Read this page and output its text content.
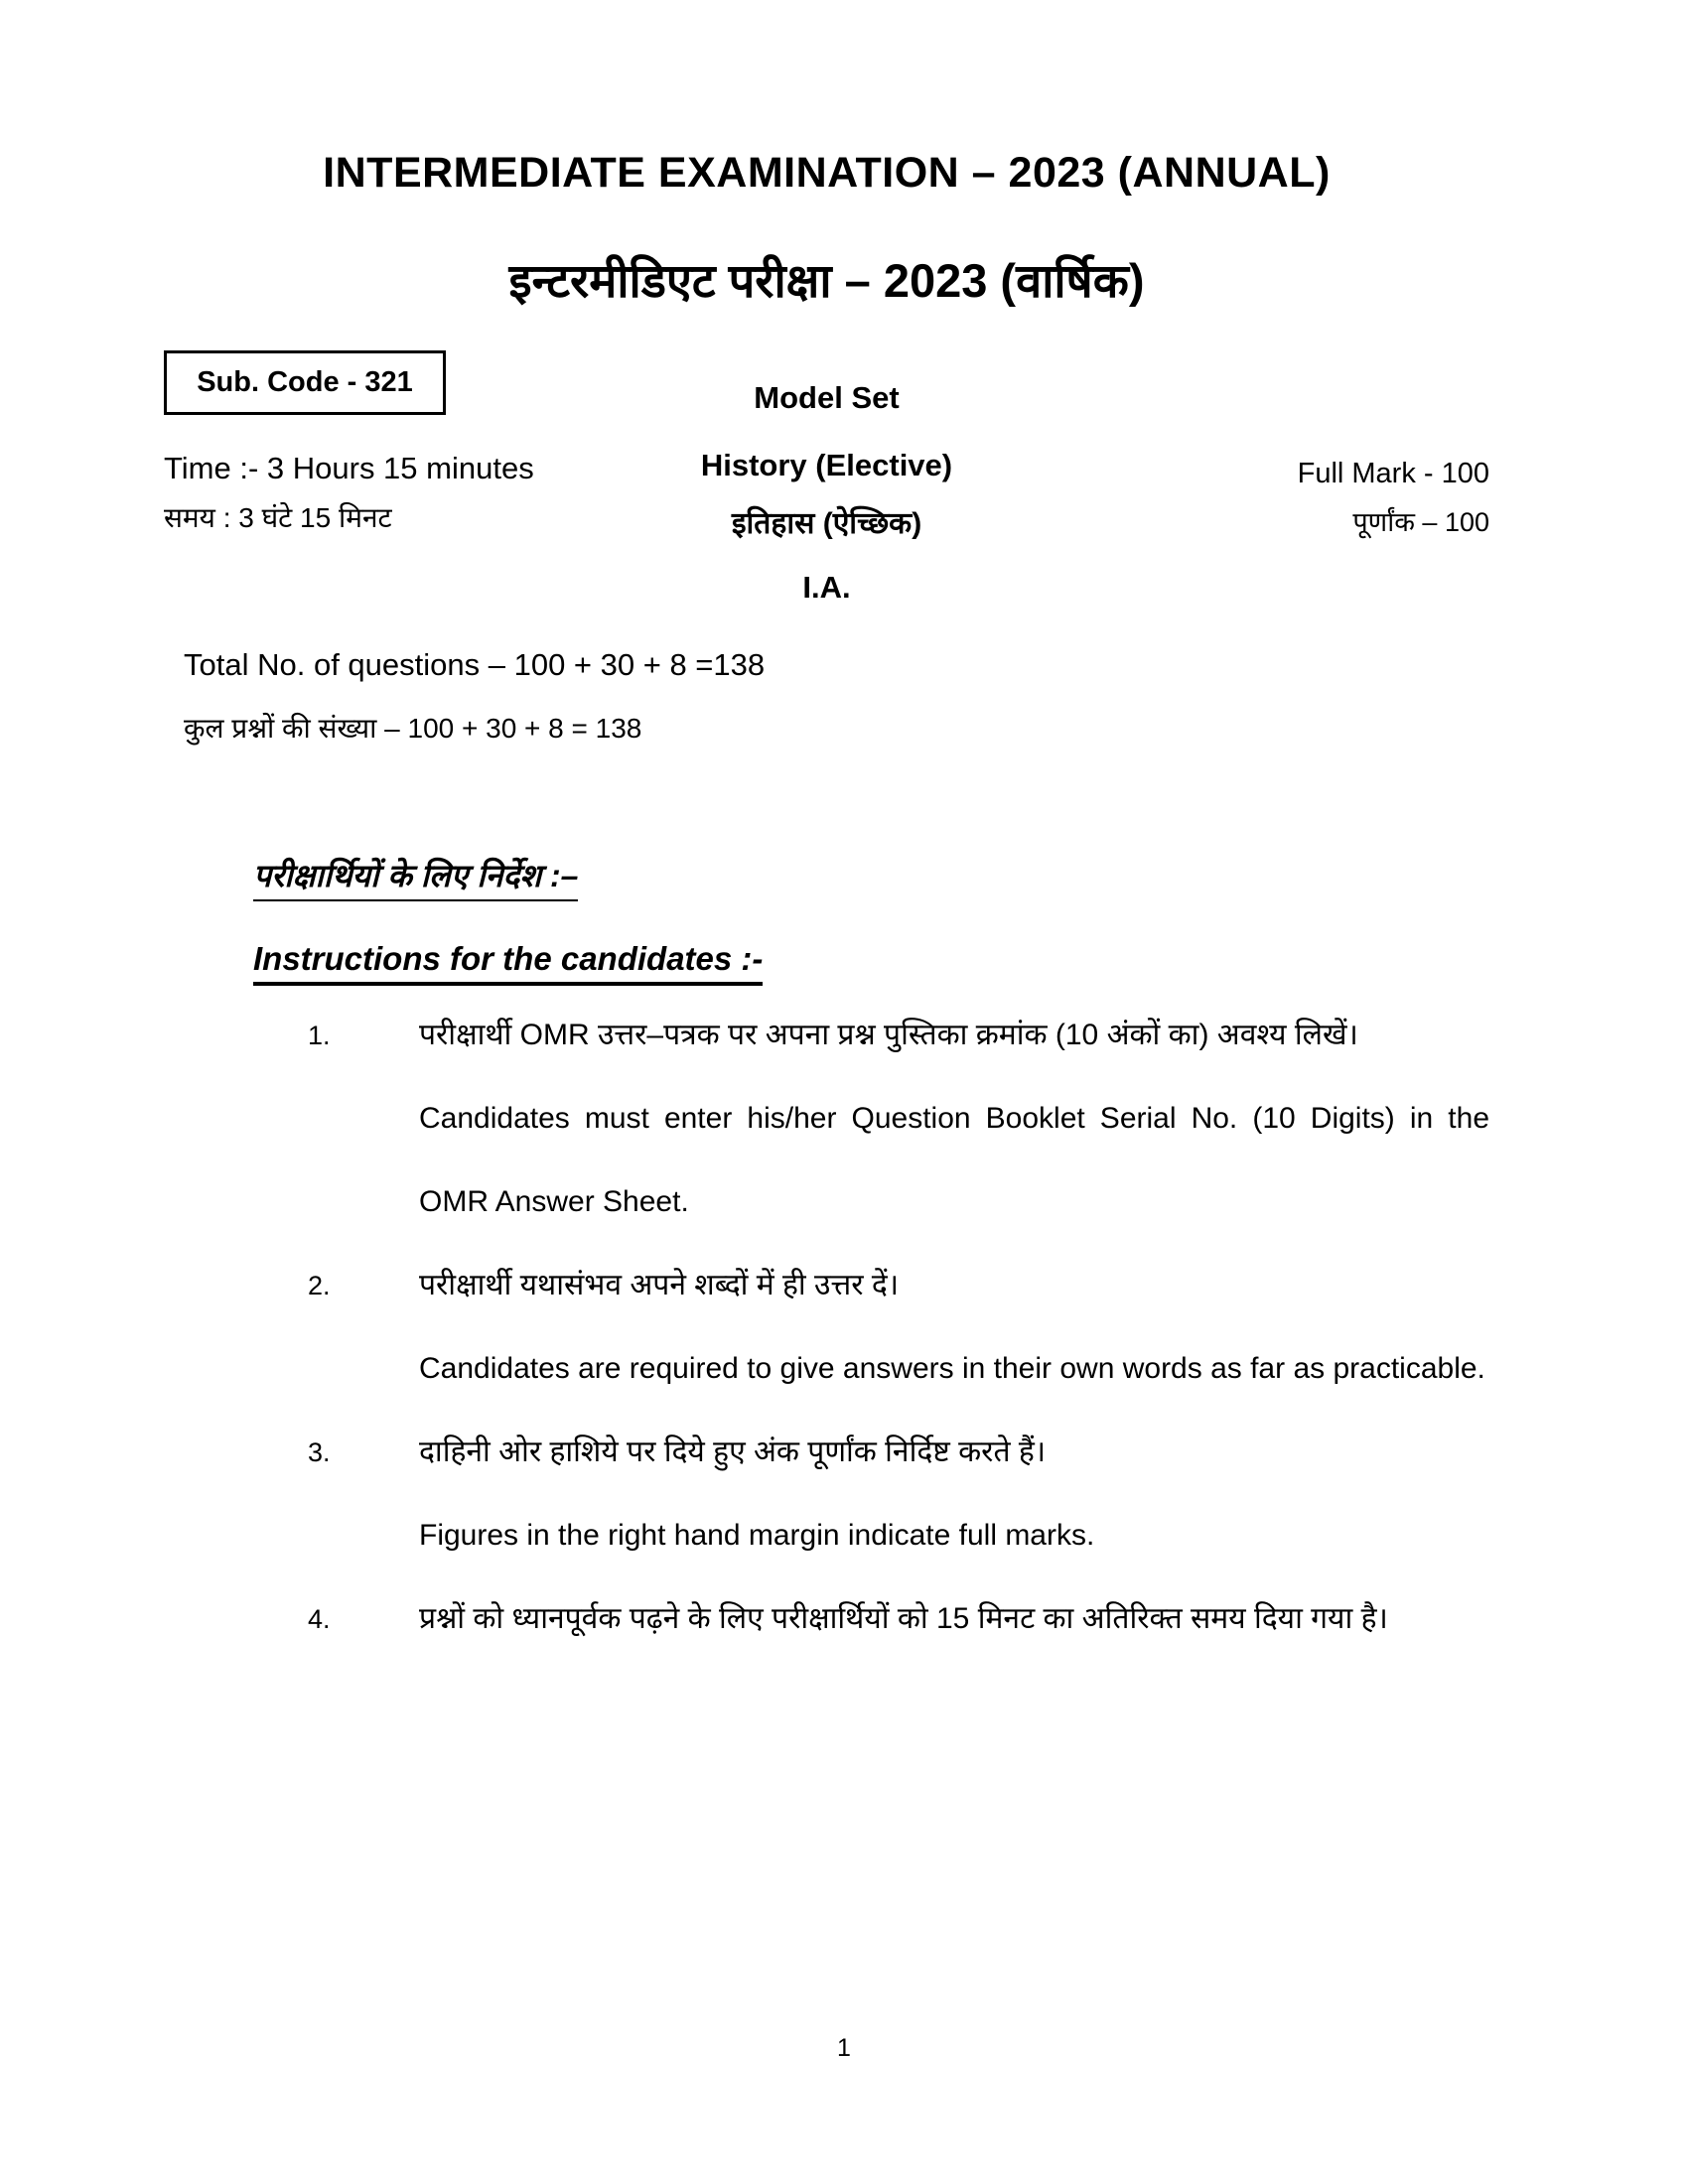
INTERMEDIATE EXAMINATION – 2023 (ANNUAL)
इन्टरमीडिएट परीक्षा – 2023 (वार्षिक)
Sub. Code - 321
Time :- 3 Hours 15 minutes
समय : 3 घंटे 15 मिनट
Model Set
History (Elective)
इतिहास (ऐच्छिक)
I.A.
Full Mark - 100
पूर्णांक – 100
Total No. of questions – 100 + 30 + 8 =138
कुल प्रश्नों की संख्या – 100 + 30 + 8 = 138
परीक्षार्थियों के लिए निर्देश :–
Instructions for the candidates :-
1.	परीक्षार्थी OMR उत्तर–पत्रक पर अपना प्रश्न पुस्तिका क्रमांक (10 अंकों का) अवश्य लिखें।

Candidates must enter his/her Question Booklet Serial No. (10 Digits) in the OMR Answer Sheet.

2.	परीक्षार्थी यथासंभव अपने शब्दों में ही उत्तर दें।

Candidates are required to give answers in their own words as far as practicable.

3.	दाहिनी ओर हाशिये पर दिये हुए अंक पूर्णांक निर्दिष्ट करते हैं।

Figures in the right hand margin indicate full marks.

4.	प्रश्नों को ध्यानपूर्वक पढ़ने के लिए परीक्षार्थियों को 15 मिनट का अतिरिक्त समय दिया गया है।

1
